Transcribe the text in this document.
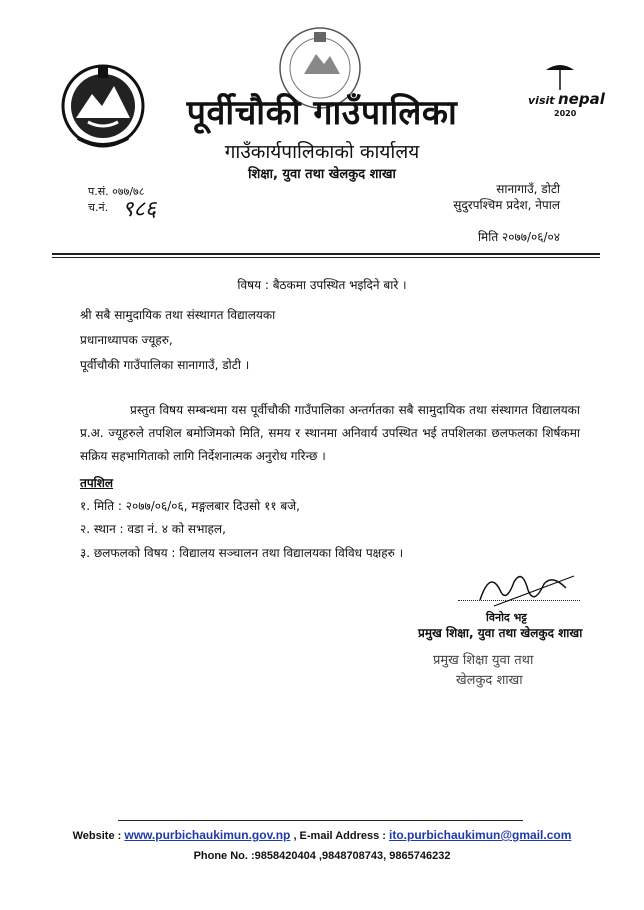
visit nepal
2020
पूर्वीचौकी गाउँपालिका
गाउँकार्यपालिकाको कार्यालय
शिक्षा, युवा तथा खेलकुद शाखा
प.सं. ०७७/७८
च.नं. ९८६
सानागाउँ, डोटी
सुदुरपश्चिम प्रदेश, नेपाल
मिति २०७७/०६/०४
विषय : बैठकमा उपस्थित भइदिने बारे ।
श्री सबै सामुदायिक तथा संस्थागत विद्यालयका
प्रधानाध्यापक ज्यूहरु,
पूर्वीचौकी गाउँपालिका सानागाउँ, डोटी ।
प्रस्तुत विषय सम्बन्धमा यस पूर्वीचौकी गाउँपालिका अन्तर्गतका सबै सामुदायिक तथा संस्थागत विद्यालयका प्र.अ. ज्यूहरुले तपशिल बमोजिमको मिति, समय र स्थानमा अनिवार्य उपस्थित भई तपशिलका छलफलका शिर्षकमा सक्रिय सहभागिताको लागि निर्देशनात्मक अनुरोध गरिन्छ ।
तपशिल
१. मिति : २०७७/०६/०६, मङ्गलबार दिउसो ११ बजे,
२. स्थान : वडा नं. ४ को सभाहल,
३. छलफलको विषय : विद्यालय सञ्चालन तथा विद्यालयका विविध पक्षहरु ।
विनोद भट्ट
प्रमुख शिक्षा, युवा तथा खेलकुद शाखा
प्रमुख शिक्षा युवा तथा
खेलकुद शाखा
Website : www.purbichaukimun.gov.np , E-mail Address : ito.purbichaukimun@gmail.com
Phone No. :9858420404 ,9848708743, 9865746232
